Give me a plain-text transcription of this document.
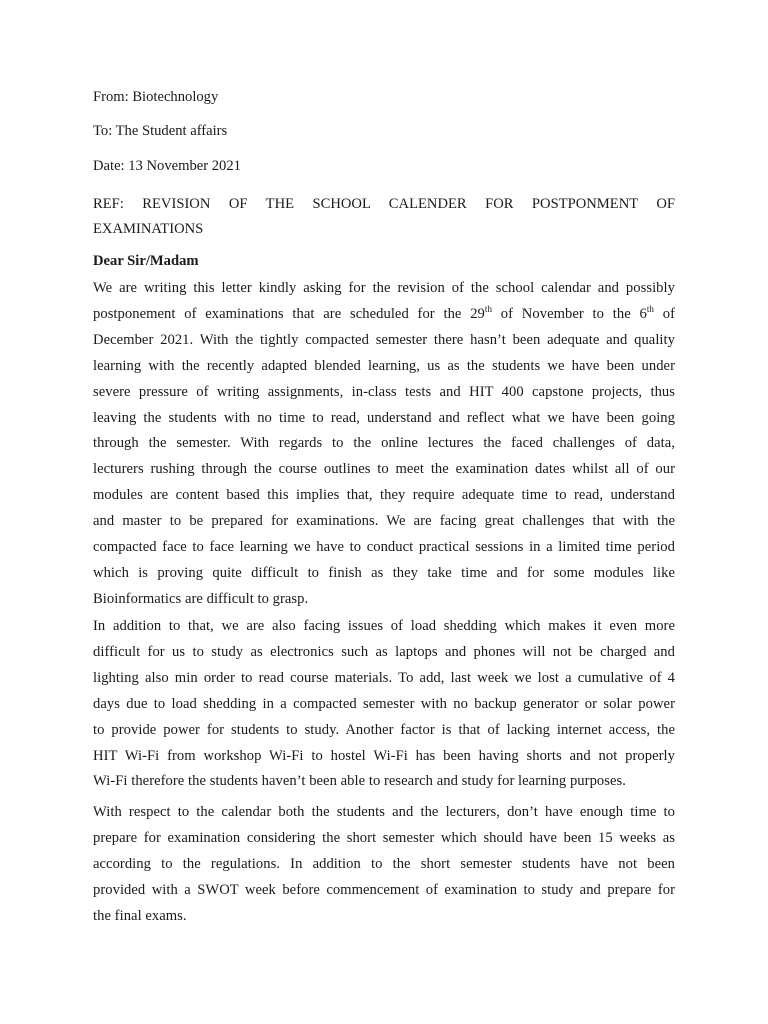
From: Biotechnology

To: The Student affairs

Date: 13 November 2021

REF: REVISION OF THE SCHOOL CALENDER FOR POSTPONMENT OF
EXAMINATIONS

Dear Sir/Madam

We are writing this letter kindly asking for the revision of the school calendar and possibly
postponement of examinations that are scheduled for the 29th of November to the 6th of
December 2021. With the tightly compacted semester there hasn’t been adequate and quality
learning with the recently adapted blended learning, us as the students we have been under
severe pressure of writing assignments, in-class tests and HIT 400 capstone projects, thus
leaving the students with no time to read, understand and reflect what we have been going
through the semester. With regards to the online lectures the faced challenges of data,
lecturers rushing through the course outlines to meet the examination dates whilst all of our
modules are content based this implies that, they require adequate time to read, understand
and master to be prepared for examinations. We are facing great challenges that with the
compacted face to face learning we have to conduct practical sessions in a limited time period
which is proving quite difficult to finish as they take time and for some modules like
Bioinformatics are difficult to grasp.

In addition to that, we are also facing issues of load shedding which makes it even more
difficult for us to study as electronics such as laptops and phones will not be charged and
lighting also min order to read course materials. To add, last week we lost a cumulative of 4
days due to load shedding in a compacted semester with no backup generator or solar power
to provide power for students to study. Another factor is that of lacking internet access, the
HIT Wi-Fi from workshop Wi-Fi to hostel Wi-Fi has been having shorts and not properly
Wi-Fi therefore the students haven’t been able to research and study for learning purposes.

With respect to the calendar both the students and the lecturers, don’t have enough time to
prepare for examination considering the short semester which should have been 15 weeks as
according to the regulations. In addition to the short semester students have not been
provided with a SWOT week before commencement of examination to study and prepare for
the final exams.
